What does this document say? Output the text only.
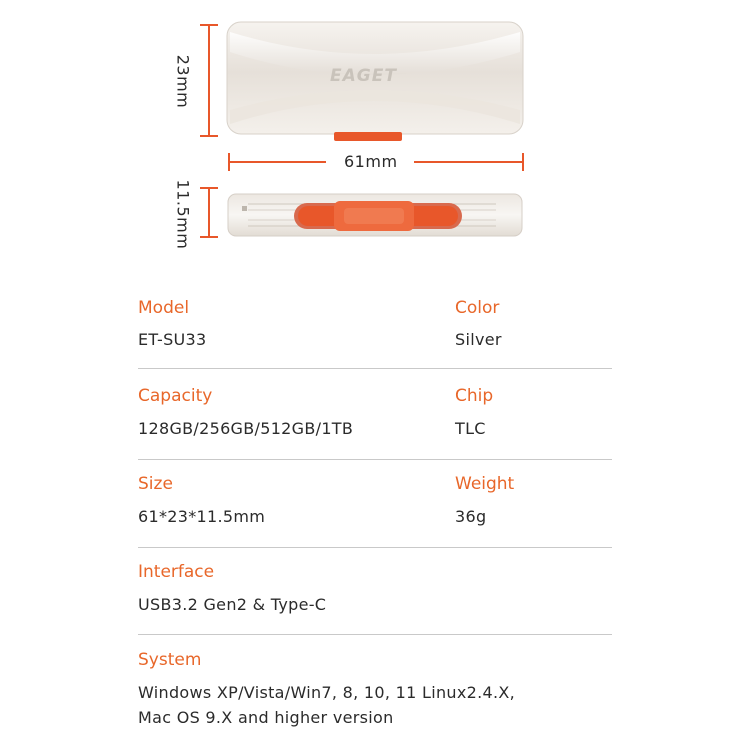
EAGET
23mm
61mm
11.5mm
Model
ET-SU33
Color
Silver
Capacity
128GB/256GB/512GB/1TB
Chip
TLC
Size
61*23*11.5mm
Weight
36g
Interface
USB3.2 Gen2 & Type-C
System
Windows XP/Vista/Win7, 8, 10, 11 Linux2.4.X,
Mac OS 9.X and higher version
